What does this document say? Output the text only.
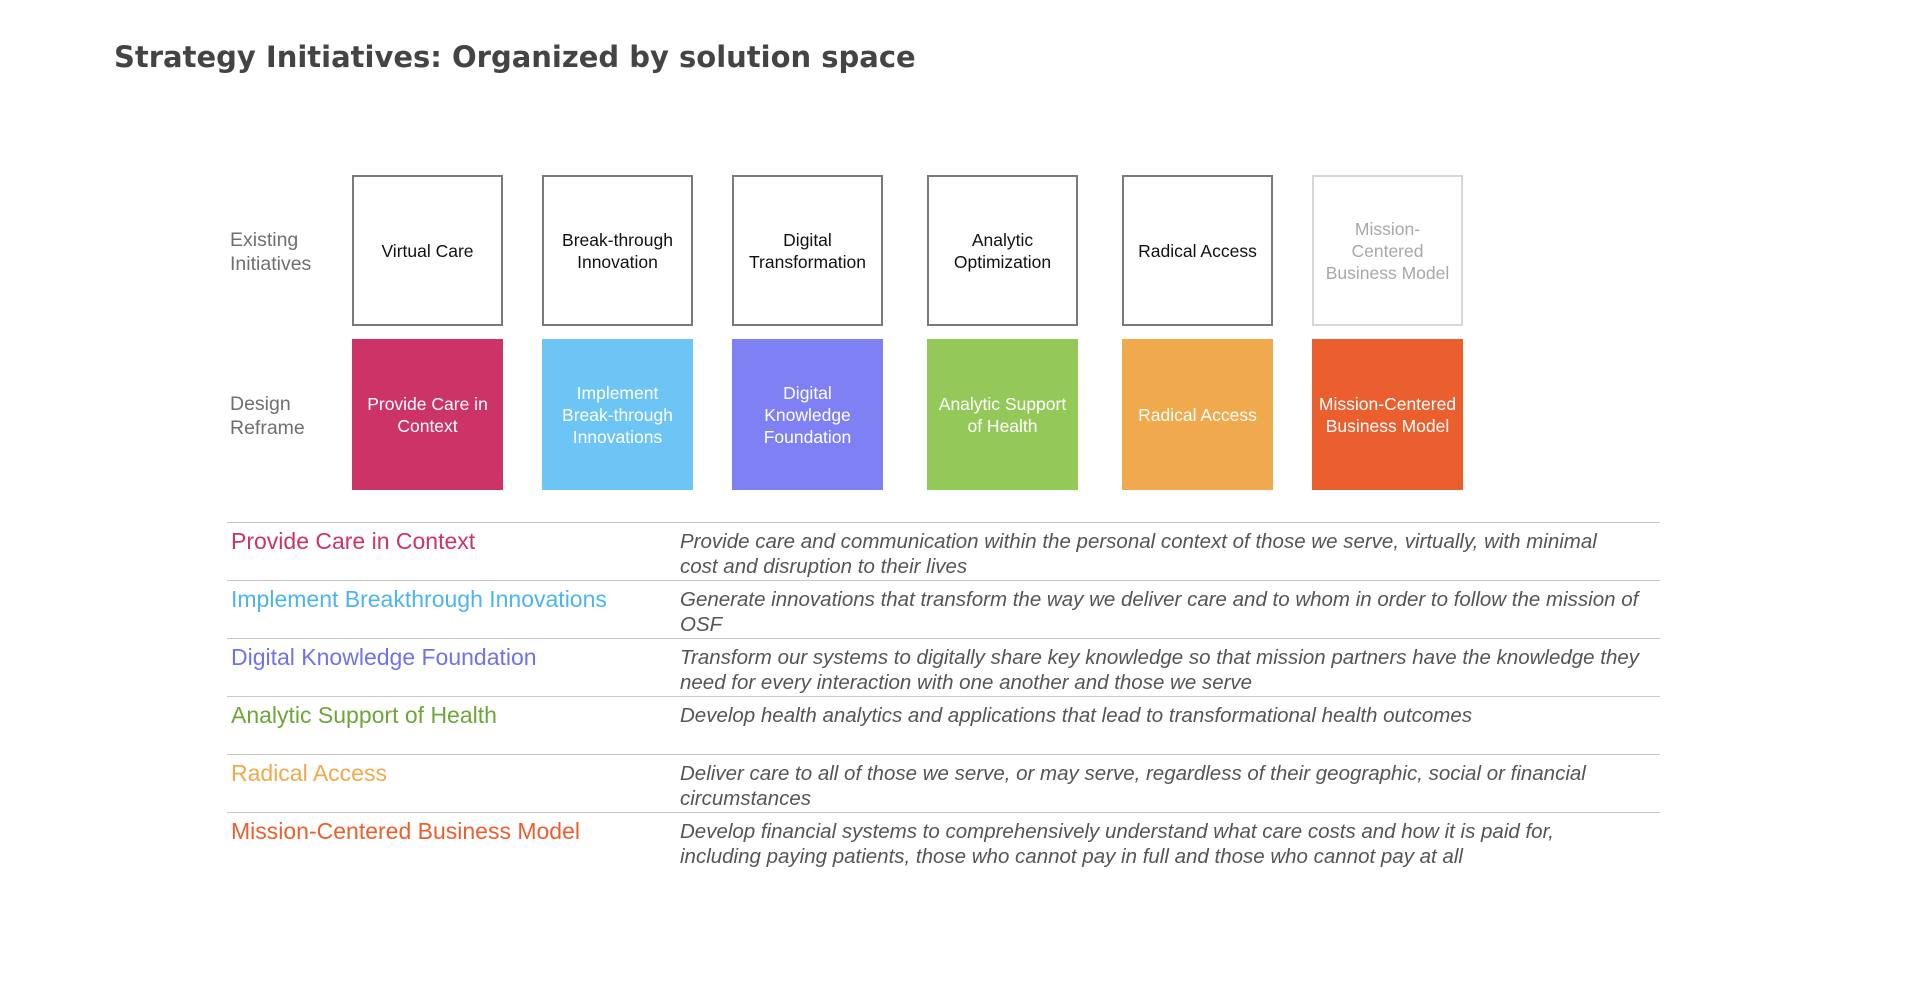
Strategy Initiatives: Organized by solution space
Existing
Initiatives
Design
Reframe
Virtual Care
Break-through
Innovation
Digital
Transformation
Analytic
Optimization
Radical Access
Mission-
Centered
Business Model
Provide Care in
Context
Implement
Break-through
Innovations
Digital
Knowledge
Foundation
Analytic Support
of Health
Radical Access
Mission-Centered
Business Model
Provide Care in Context	Provide care and communication within the personal context of those we serve, virtually, with minimal cost and disruption to their lives
Implement Breakthrough Innovations	Generate innovations that transform the way we deliver care and to whom in order to follow the mission of OSF
Digital Knowledge Foundation	Transform our systems to digitally share key knowledge so that mission partners have the knowledge they need for every interaction with one another and those we serve
Analytic Support of Health	Develop health analytics and applications that lead to transformational health outcomes
Radical Access	Deliver care to all of those we serve, or may serve, regardless of their geographic, social or financial circumstances
Mission-Centered Business Model	Develop financial systems to comprehensively understand what care costs and how it is paid for, including paying patients, those who cannot pay in full and those who cannot pay at all
